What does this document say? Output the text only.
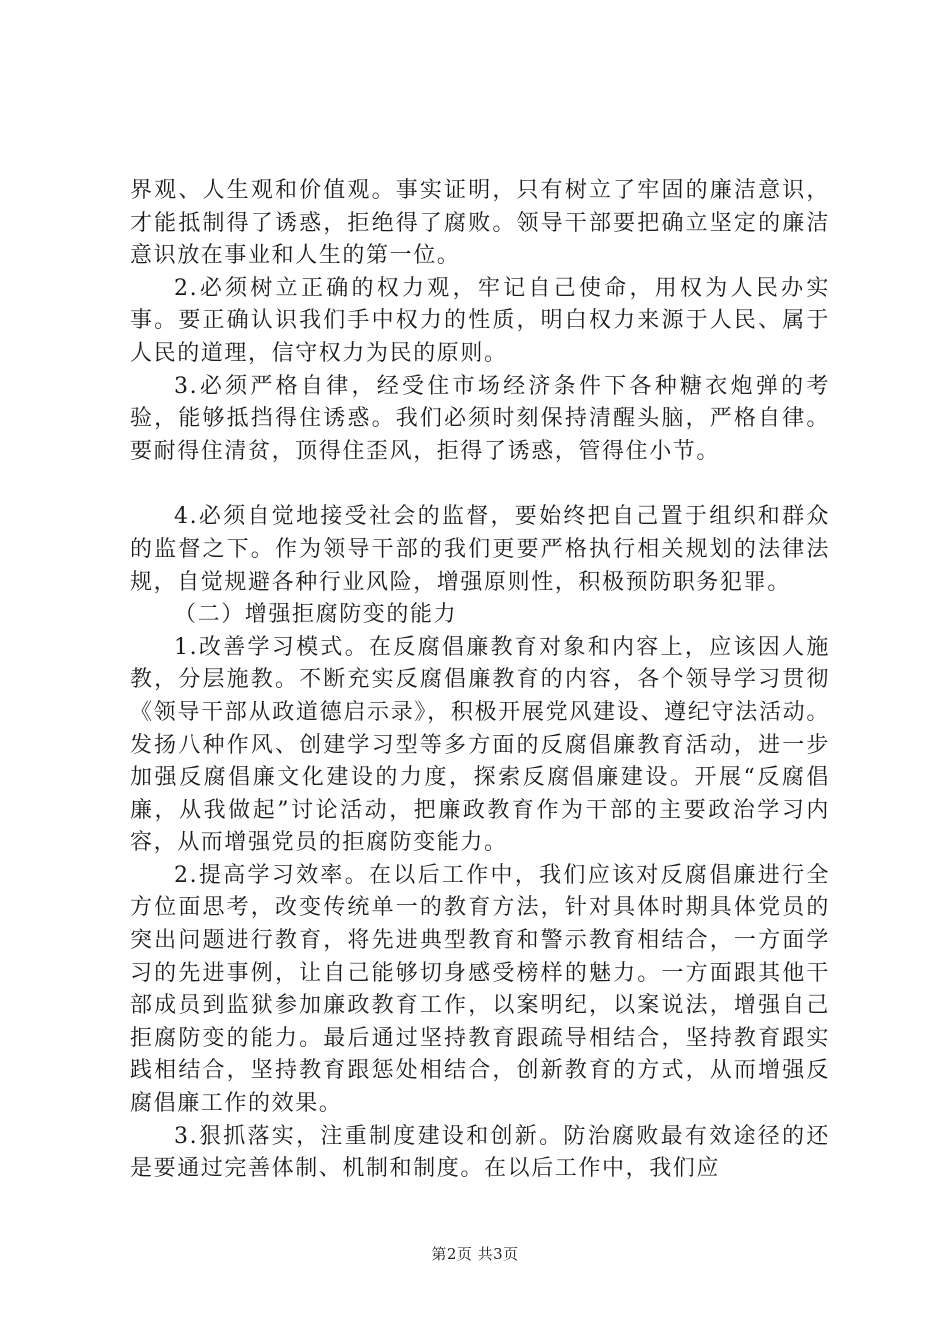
界观、人生观和价值观。事实证明，只有树立了牢固的廉洁意识，才能抵制得了诱惑，拒绝得了腐败。领导干部要把确立坚定的廉洁意识放在事业和人生的第一位。

2.必须树立正确的权力观，牢记自己使命，用权为人民办实事。要正确认识我们手中权力的性质，明白权力来源于人民、属于人民的道理，信守权力为民的原则。

3.必须严格自律，经受住市场经济条件下各种糖衣炮弹的考验，能够抵挡得住诱惑。我们必须时刻保持清醒头脑，严格自律。要耐得住清贫，顶得住歪风，拒得了诱惑，管得住小节。

4.必须自觉地接受社会的监督，要始终把自己置于组织和群众的监督之下。作为领导干部的我们更要严格执行相关规划的法律法规，自觉规避各种行业风险，增强原则性，积极预防职务犯罪。

（二）增强拒腐防变的能力

1.改善学习模式。在反腐倡廉教育对象和内容上，应该因人施教，分层施教。不断充实反腐倡廉教育的内容，各个领导学习贯彻《领导干部从政道德启示录》，积极开展党风建设、遵纪守法活动。发扬八种作风、创建学习型等多方面的反腐倡廉教育活动，进一步加强反腐倡廉文化建设的力度，探索反腐倡廉建设。开展“反腐倡廉，从我做起”讨论活动，把廉政教育作为干部的主要政治学习内容，从而增强党员的拒腐防变能力。

2.提高学习效率。在以后工作中，我们应该对反腐倡廉进行全方位面思考，改变传统单一的教育方法，针对具体时期具体党员的突出问题进行教育，将先进典型教育和警示教育相结合，一方面学习的先进事例，让自己能够切身感受榜样的魅力。一方面跟其他干部成员到监狱参加廉政教育工作，以案明纪，以案说法，增强自己拒腐防变的能力。最后通过坚持教育跟疏导相结合，坚持教育跟实践相结合，坚持教育跟惩处相结合，创新教育的方式，从而增强反腐倡廉工作的效果。

3.狠抓落实，注重制度建设和创新。防治腐败最有效途径的还是要通过完善体制、机制和制度。在以后工作中，我们应

第2页 共3页
